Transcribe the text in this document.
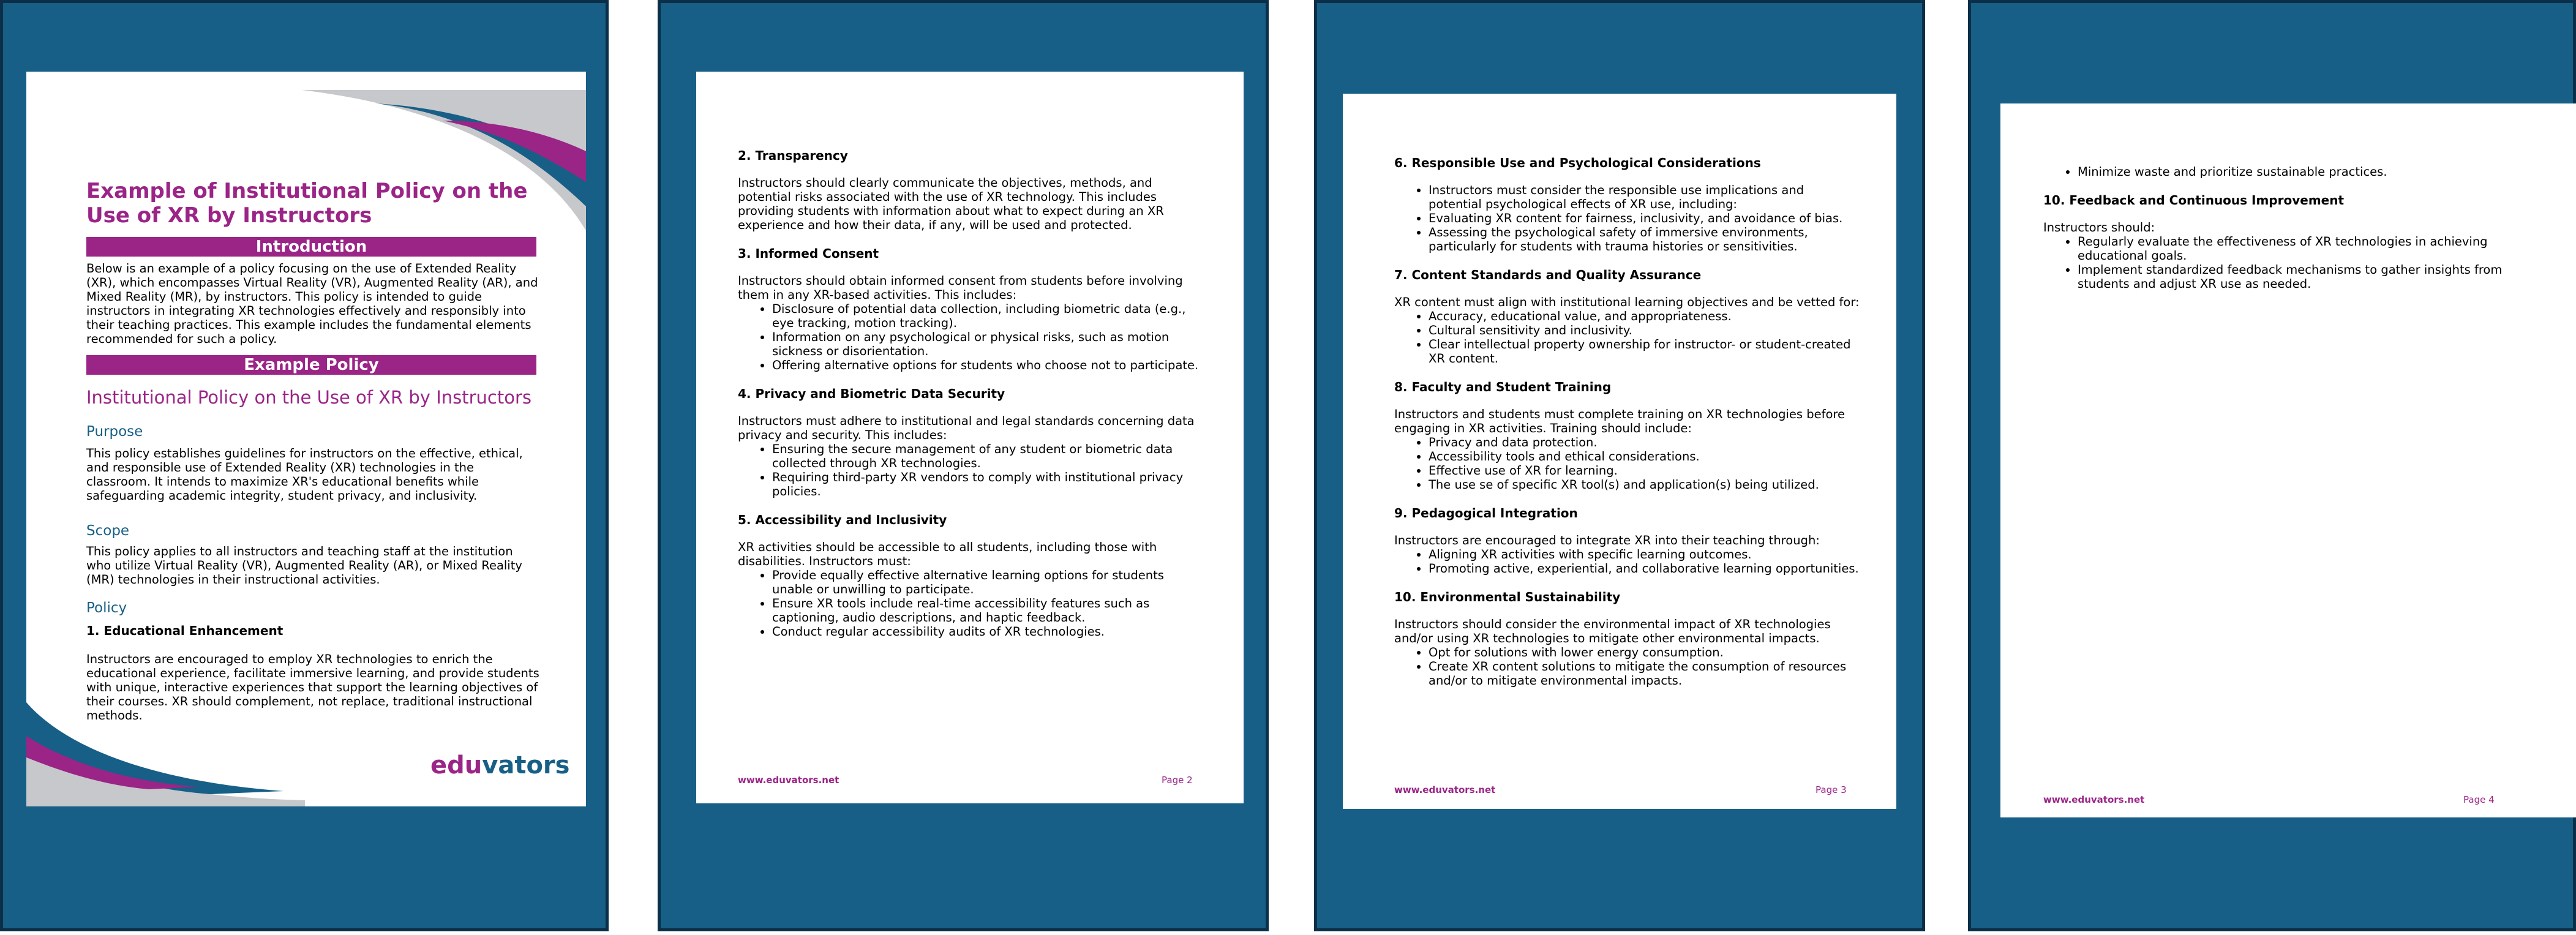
Example of Institutional Policy on the Use of XR by Instructors
Introduction

Below is an example of a policy focusing on the use of Extended Reality (XR), which encompasses Virtual Reality (VR), Augmented Reality (AR), and Mixed Reality (MR), by instructors. This policy is intended to guide instructors in integrating XR technologies effectively and responsibly into their teaching practices. This example includes the fundamental elements recommended for such a policy.

Example Policy

Institutional Policy on the Use of XR by Instructors

Purpose

This policy establishes guidelines for instructors on the effective, ethical, and responsible use of Extended Reality (XR) technologies in the classroom. It intends to maximize XR's educational benefits while safeguarding academic integrity, student privacy, and inclusivity.

Scope

This policy applies to all instructors and teaching staff at the institution who utilize Virtual Reality (VR), Augmented Reality (AR), or Mixed Reality (MR) technologies in their instructional activities.

Policy

1. Educational Enhancement

Instructors are encouraged to employ XR technologies to enrich the educational experience, facilitate immersive learning, and provide students with unique, interactive experiences that support the learning objectives of their courses. XR should complement, not replace, traditional instructional methods.

eduvators

2. Transparency

Instructors should clearly communicate the objectives, methods, and potential risks associated with the use of XR technology. This includes providing students with information about what to expect during an XR experience and how their data, if any, will be used and protected.

3. Informed Consent

Instructors should obtain informed consent from students before involving them in any XR-based activities. This includes:

• Disclosure of potential data collection, including biometric data (e.g., eye tracking, motion tracking).
• Information on any psychological or physical risks, such as motion sickness or disorientation.
• Offering alternative options for students who choose not to participate.

4. Privacy and Biometric Data Security

Instructors must adhere to institutional and legal standards concerning data privacy and security. This includes:

• Ensuring the secure management of any student or biometric data collected through XR technologies.
• Requiring third-party XR vendors to comply with institutional privacy policies.

5. Accessibility and Inclusivity

XR activities should be accessible to all students, including those with disabilities. Instructors must:

• Provide equally effective alternative learning options for students unable or unwilling to participate.
• Ensure XR tools include real-time accessibility features such as captioning, audio descriptions, and haptic feedback.
• Conduct regular accessibility audits of XR technologies.
www.eduvators.net	Page 2

6. Responsible Use and Psychological Considerations

• Instructors must consider the responsible use implications and potential psychological effects of XR use, including:
• Evaluating XR content for fairness, inclusivity, and avoidance of bias.
• Assessing the psychological safety of immersive environments, particularly for students with trauma histories or sensitivities.

7. Content Standards and Quality Assurance

XR content must align with institutional learning objectives and be vetted for:

• Accuracy, educational value, and appropriateness.
• Cultural sensitivity and inclusivity.
• Clear intellectual property ownership for instructor- or student-created XR content.

8. Faculty and Student Training

Instructors and students must complete training on XR technologies before engaging in XR activities. Training should include:

• Privacy and data protection.
• Accessibility tools and ethical considerations.
• Effective use of XR for learning.
• The use se of specific XR tool(s) and application(s) being utilized.

9. Pedagogical Integration

Instructors are encouraged to integrate XR into their teaching through:

• Aligning XR activities with specific learning outcomes.
• Promoting active, experiential, and collaborative learning opportunities.

10. Environmental Sustainability

Instructors should consider the environmental impact of XR technologies and/or using XR technologies to mitigate other environmental impacts.

• Opt for solutions with lower energy consumption.
• Create XR content solutions to mitigate the consumption of resources and/or to mitigate environmental impacts.
www.eduvators.net	Page 3
• Minimize waste and prioritize sustainable practices.

10. Feedback and Continuous Improvement

Instructors should:

• Regularly evaluate the effectiveness of XR technologies in achieving educational goals.
• Implement standardized feedback mechanisms to gather insights from students and adjust XR use as needed.
www.eduvators.net	Page 4
